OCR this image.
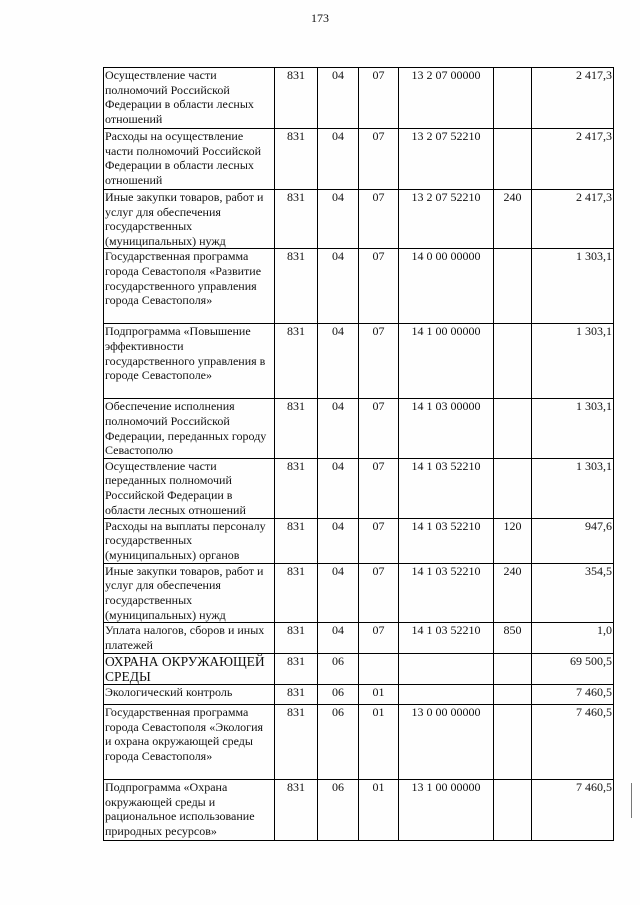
173
Осуществление части полномочий Российской Федерации в области лесных отношений	831	04	07	13 2 07 00000		2 417,3
Расходы на осуществление части полномочий Российской Федерации в области лесных отношений	831	04	07	13 2 07 52210		2 417,3
Иные закупки товаров, работ и услуг для обеспечения государственных (муниципальных) нужд	831	04	07	13 2 07 52210	240	2 417,3
Государственная программа города Севастополя «Развитие государственного управления города Севастополя»	831	04	07	14 0 00 00000		1 303,1
Подпрограмма «Повышение эффективности государственного управления в городе Севастополе»	831	04	07	14 1 00 00000		1 303,1
Обеспечение исполнения полномочий Российской Федерации, переданных городу Севастополю	831	04	07	14 1 03 00000		1 303,1
Осуществление части переданных полномочий Российской Федерации в области лесных отношений	831	04	07	14 1 03 52210		1 303,1
Расходы на выплаты персоналу государственных (муниципальных) органов	831	04	07	14 1 03 52210	120	947,6
Иные закупки товаров, работ и услуг для обеспечения государственных (муниципальных) нужд	831	04	07	14 1 03 52210	240	354,5
Уплата налогов, сборов и иных платежей	831	04	07	14 1 03 52210	850	1,0
ОХРАНА ОКРУЖАЮЩЕЙ СРЕДЫ	831	06				69 500,5
Экологический контроль	831	06	01			7 460,5
Государственная программа города Севастополя «Экология и охрана окружающей среды города Севастополя»	831	06	01	13 0 00 00000		7 460,5
Подпрограмма «Охрана окружающей среды и рациональное использование природных ресурсов»	831	06	01	13 1 00 00000		7 460,5
